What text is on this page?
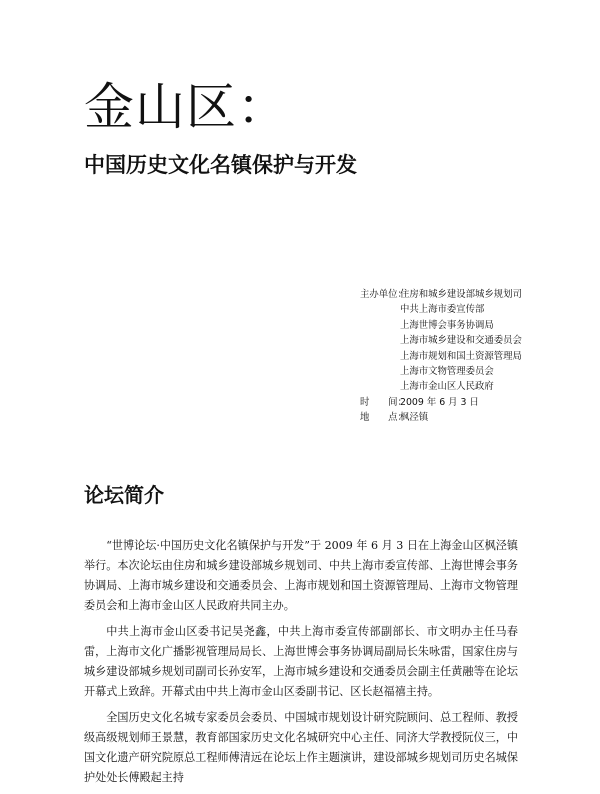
金山区：
中国历史文化名镇保护与开发
主办单位：
住房和城乡建设部城乡规划司
中共上海市委宣传部
上海世博会事务协调局
上海市城乡建设和交通委员会
上海市规划和国土资源管理局
上海市文物管理委员会
上海市金山区人民政府
时　　间：
2009 年 6 月 3 日
地　　点：
枫泾镇
论坛简介

“世博论坛·中国历史文化名镇保护与开发”于 2009 年 6 月 3 日在上海金山区枫泾镇举行。本次论坛由住房和城乡建设部城乡规划司、中共上海市委宣传部、上海世博会事务协调局、上海市城乡建设和交通委员会、上海市规划和国土资源管理局、上海市文物管理委员会和上海市金山区人民政府共同主办。

中共上海市金山区委书记吴尧鑫，中共上海市委宣传部副部长、市文明办主任马春雷，上海市文化广播影视管理局局长、上海世博会事务协调局副局长朱咏雷，国家住房与城乡建设部城乡规划司副司长孙安军，上海市城乡建设和交通委员会副主任黄融等在论坛开幕式上致辞。开幕式由中共上海市金山区委副书记、区长赵福禧主持。

全国历史文化名城专家委员会委员、中国城市规划设计研究院顾问、总工程师、教授级高级规划师王景慧，教育部国家历史文化名城研究中心主任、同济大学教授阮仪三，中国文化遗产研究院原总工程师傅清远在论坛上作主题演讲，建设部城乡规划司历史名城保护处处长傅殿起主持
